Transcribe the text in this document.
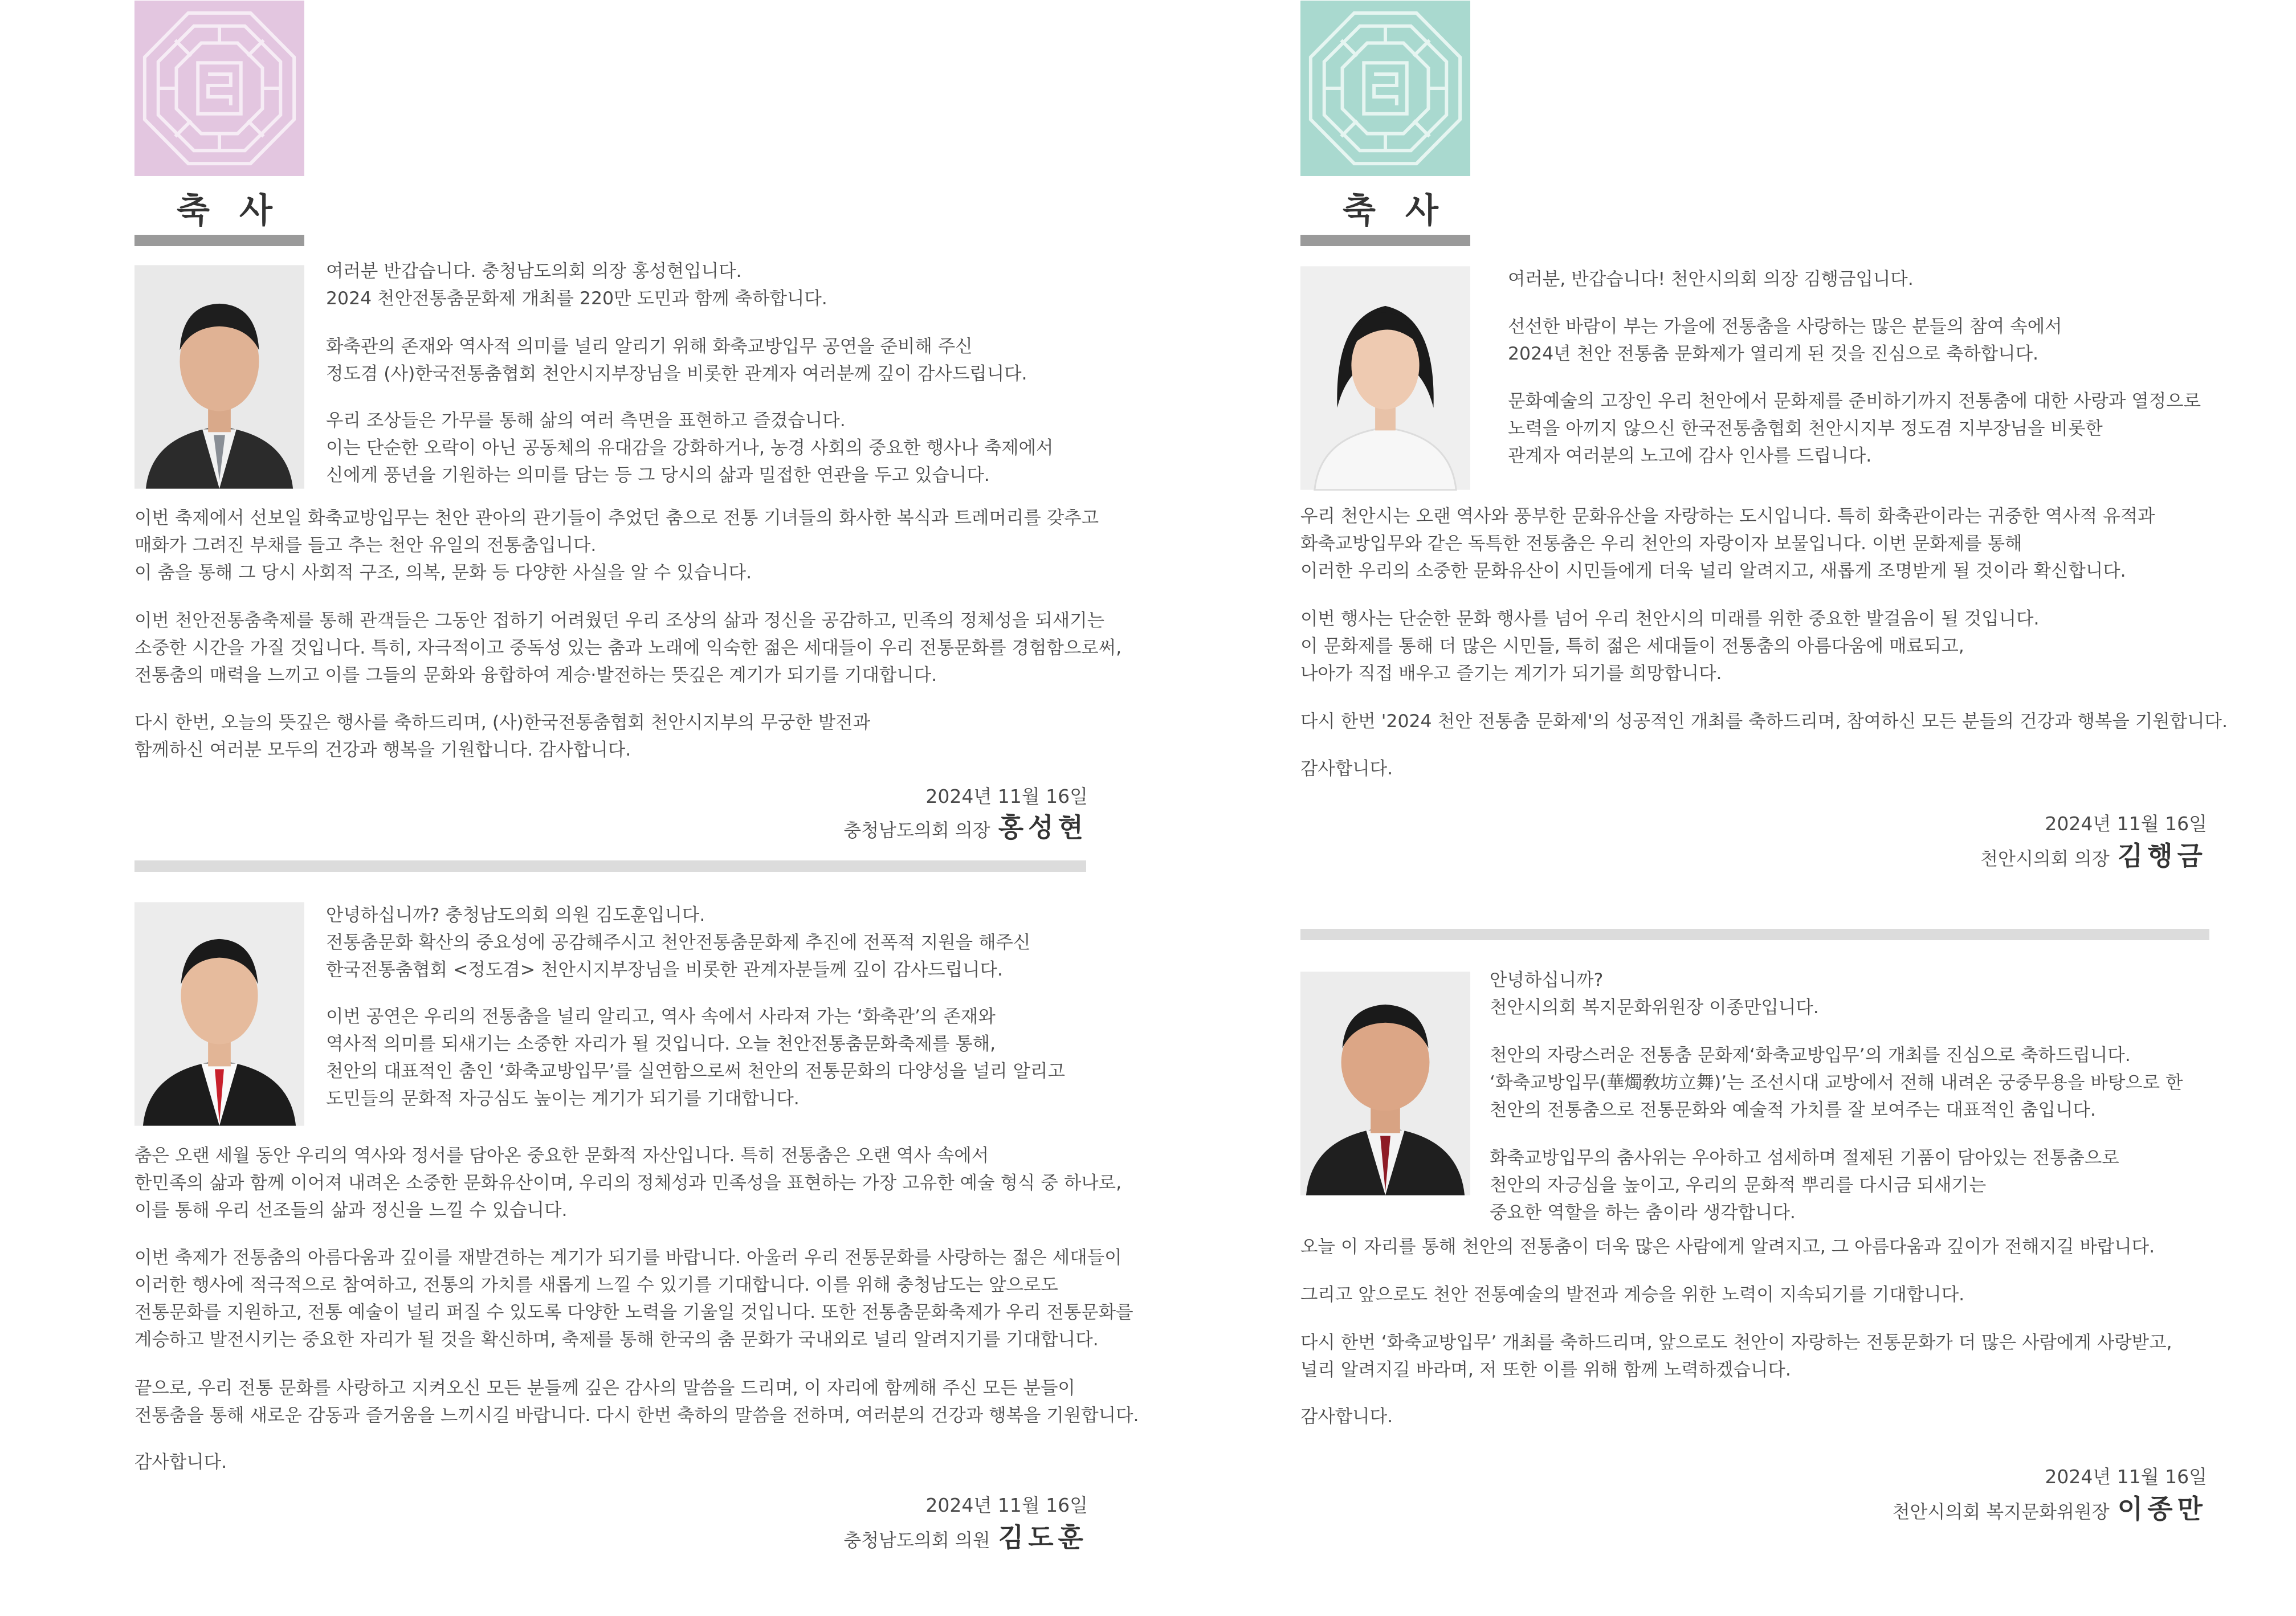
축사
여러분 반갑습니다. 충청남도의회 의장 홍성현입니다.
2024 천안전통춤문화제 개최를 220만 도민과 함께 축하합니다.
화축관의 존재와 역사적 의미를 널리 알리기 위해 화축교방입무 공연을 준비해 주신
정도겸 (사)한국전통춤협회 천안시지부장님을 비롯한 관계자 여러분께 깊이 감사드립니다.
우리 조상들은 가무를 통해 삶의 여러 측면을 표현하고 즐겼습니다.
이는 단순한 오락이 아닌 공동체의 유대감을 강화하거나, 농경 사회의 중요한 행사나 축제에서
신에게 풍년을 기원하는 의미를 담는 등 그 당시의 삶과 밀접한 연관을 두고 있습니다.
이번 축제에서 선보일 화축교방입무는 천안 관아의 관기들이 추었던 춤으로 전통 기녀들의 화사한 복식과 트레머리를 갖추고
매화가 그려진 부채를 들고 추는 천안 유일의 전통춤입니다.
이 춤을 통해 그 당시 사회적 구조, 의복, 문화 등 다양한 사실을 알 수 있습니다.
이번 천안전통춤축제를 통해 관객들은 그동안 접하기 어려웠던 우리 조상의 삶과 정신을 공감하고, 민족의 정체성을 되새기는
소중한 시간을 가질 것입니다. 특히, 자극적이고 중독성 있는 춤과 노래에 익숙한 젊은 세대들이 우리 전통문화를 경험함으로써,
전통춤의 매력을 느끼고 이를 그들의 문화와 융합하여 계승·발전하는 뜻깊은 계기가 되기를 기대합니다.
다시 한번, 오늘의 뜻깊은 행사를 축하드리며, (사)한국전통춤협회 천안시지부의 무궁한 발전과
함께하신 여러분 모두의 건강과 행복을 기원합니다. 감사합니다.
2024년 11월 16일
충청남도의회 의장 홍성현
안녕하십니까? 충청남도의회 의원 김도훈입니다.
전통춤문화 확산의 중요성에 공감해주시고 천안전통춤문화제 추진에 전폭적 지원을 해주신
한국전통춤협회 <정도겸> 천안시지부장님을 비롯한 관계자분들께 깊이 감사드립니다.
이번 공연은 우리의 전통춤을 널리 알리고, 역사 속에서 사라져 가는 ‘화축관’의 존재와
역사적 의미를 되새기는 소중한 자리가 될 것입니다. 오늘 천안전통춤문화축제를 통해,
천안의 대표적인 춤인 ‘화축교방입무’를 실연함으로써 천안의 전통문화의 다양성을 널리 알리고
도민들의 문화적 자긍심도 높이는 계기가 되기를 기대합니다.
춤은 오랜 세월 동안 우리의 역사와 정서를 담아온 중요한 문화적 자산입니다. 특히 전통춤은 오랜 역사 속에서
한민족의 삶과 함께 이어져 내려온 소중한 문화유산이며, 우리의 정체성과 민족성을 표현하는 가장 고유한 예술 형식 중 하나로,
이를 통해 우리 선조들의 삶과 정신을 느낄 수 있습니다.
이번 축제가 전통춤의 아름다움과 깊이를 재발견하는 계기가 되기를 바랍니다. 아울러 우리 전통문화를 사랑하는 젊은 세대들이
이러한 행사에 적극적으로 참여하고, 전통의 가치를 새롭게 느낄 수 있기를 기대합니다. 이를 위해 충청남도는 앞으로도
전통문화를 지원하고, 전통 예술이 널리 퍼질 수 있도록 다양한 노력을 기울일 것입니다. 또한 전통춤문화축제가 우리 전통문화를
계승하고 발전시키는 중요한 자리가 될 것을 확신하며, 축제를 통해 한국의 춤 문화가 국내외로 널리 알려지기를 기대합니다.
끝으로, 우리 전통 문화를 사랑하고 지켜오신 모든 분들께 깊은 감사의 말씀을 드리며, 이 자리에 함께해 주신 모든 분들이
전통춤을 통해 새로운 감동과 즐거움을 느끼시길 바랍니다. 다시 한번 축하의 말씀을 전하며, 여러분의 건강과 행복을 기원합니다.
감사합니다.
2024년 11월 16일
충청남도의회 의원 김도훈
축사
여러분, 반갑습니다! 천안시의회 의장 김행금입니다.
선선한 바람이 부는 가을에 전통춤을 사랑하는 많은 분들의 참여 속에서
2024년 천안 전통춤 문화제가 열리게 된 것을 진심으로 축하합니다.
문화예술의 고장인 우리 천안에서 문화제를 준비하기까지 전통춤에 대한 사랑과 열정으로
노력을 아끼지 않으신 한국전통춤협회 천안시지부 정도겸 지부장님을 비롯한
관계자 여러분의 노고에 감사 인사를 드립니다.
우리 천안시는 오랜 역사와 풍부한 문화유산을 자랑하는 도시입니다. 특히 화축관이라는 귀중한 역사적 유적과
화축교방입무와 같은 독특한 전통춤은 우리 천안의 자랑이자 보물입니다. 이번 문화제를 통해
이러한 우리의 소중한 문화유산이 시민들에게 더욱 널리 알려지고, 새롭게 조명받게 될 것이라 확신합니다.
이번 행사는 단순한 문화 행사를 넘어 우리 천안시의 미래를 위한 중요한 발걸음이 될 것입니다.
이 문화제를 통해 더 많은 시민들, 특히 젊은 세대들이 전통춤의 아름다움에 매료되고,
나아가 직접 배우고 즐기는 계기가 되기를 희망합니다.
다시 한번 '2024 천안 전통춤 문화제'의 성공적인 개최를 축하드리며, 참여하신 모든 분들의 건강과 행복을 기원합니다.
감사합니다.
2024년 11월 16일
천안시의회 의장 김행금
안녕하십니까?
천안시의회 복지문화위원장 이종만입니다.
천안의 자랑스러운 전통춤 문화제‘화축교방입무’의 개최를 진심으로 축하드립니다.
‘화축교방입무(華燭敎坊立舞)’는 조선시대 교방에서 전해 내려온 궁중무용을 바탕으로 한
천안의 전통춤으로 전통문화와 예술적 가치를 잘 보여주는 대표적인 춤입니다.
화축교방입무의 춤사위는 우아하고 섬세하며 절제된 기품이 담아있는 전통춤으로
천안의 자긍심을 높이고, 우리의 문화적 뿌리를 다시금 되새기는
중요한 역할을 하는 춤이라 생각합니다.
오늘 이 자리를 통해 천안의 전통춤이 더욱 많은 사람에게 알려지고, 그 아름다움과 깊이가 전해지길 바랍니다.
그리고 앞으로도 천안 전통예술의 발전과 계승을 위한 노력이 지속되기를 기대합니다.
다시 한번 ‘화축교방입무’ 개최를 축하드리며, 앞으로도 천안이 자랑하는 전통문화가 더 많은 사람에게 사랑받고,
널리 알려지길 바라며, 저 또한 이를 위해 함께 노력하겠습니다.
감사합니다.
2024년 11월 16일
천안시의회 복지문화위원장 이종만
